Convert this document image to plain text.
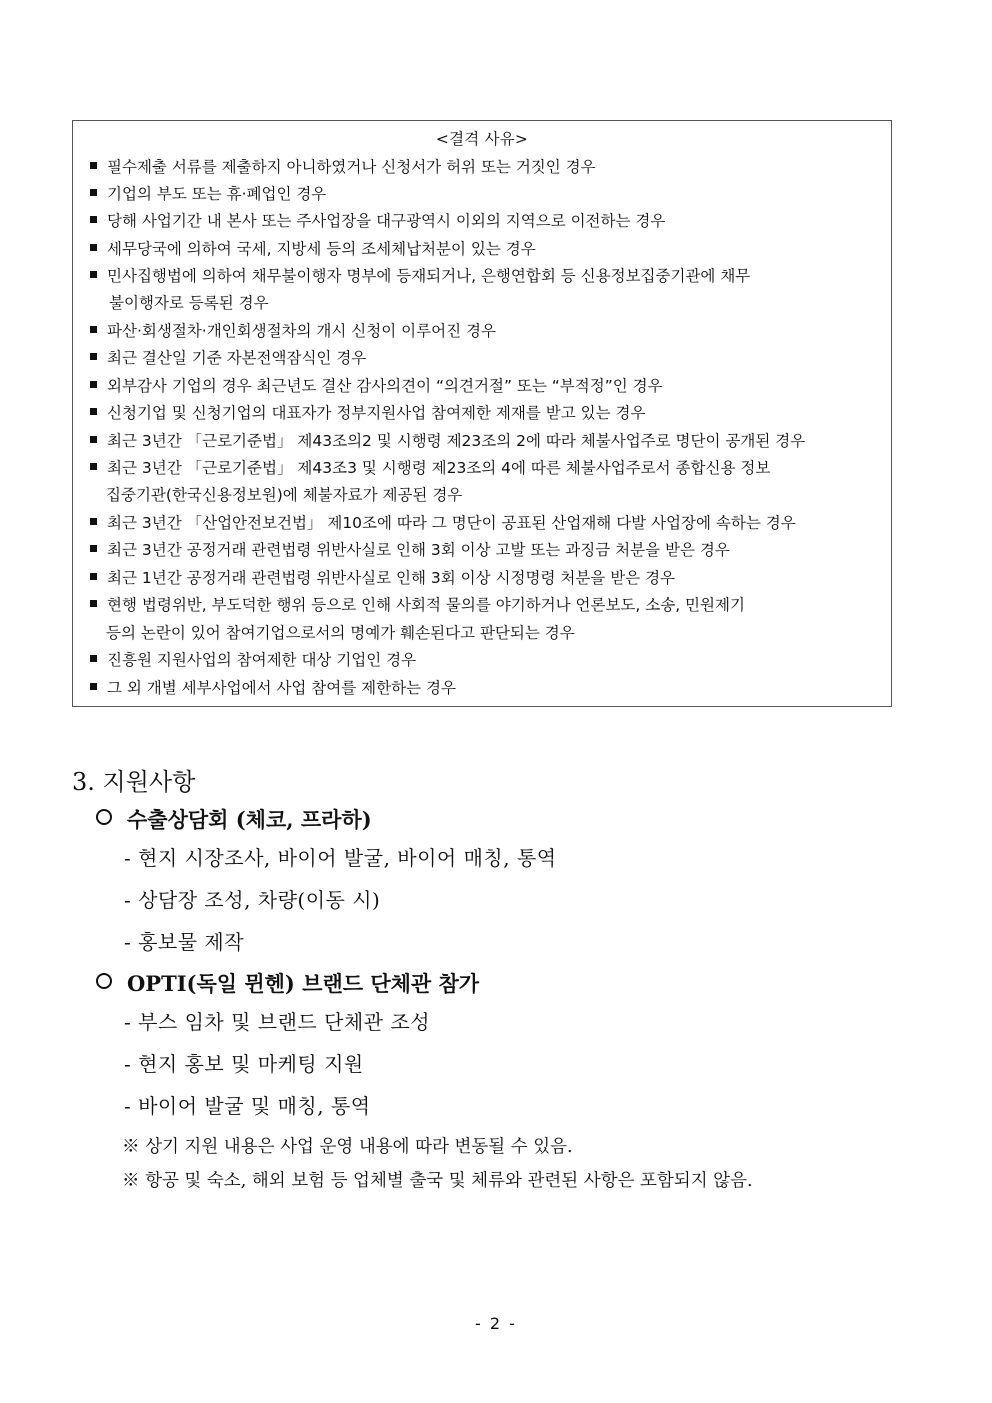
<결격 사유>
필수제출 서류를 제출하지 아니하였거나 신청서가 허위 또는 거짓인 경우
기업의 부도 또는 휴·폐업인 경우
당해 사업기간 내 본사 또는 주사업장을 대구광역시 이외의 지역으로 이전하는 경우
세무당국에 의하여 국세, 지방세 등의 조세체납처분이 있는 경우
민사집행법에 의하여 채무불이행자 명부에 등재되거나, 은행연합회 등 신용정보집중기관에 채무
불이행자로 등록된 경우
파산·회생절차·개인회생절차의 개시 신청이 이루어진 경우
최근 결산일 기준 자본전액잠식인 경우
외부감사 기업의 경우 최근년도 결산 감사의견이 “의견거절” 또는 “부적정”인 경우
신청기업 및 신청기업의 대표자가 정부지원사업 참여제한 제재를 받고 있는 경우
최근 3년간 「근로기준법」 제43조의2 및 시행령 제23조의 2에 따라 체불사업주로 명단이 공개된 경우
최근 3년간 「근로기준법」 제43조3 및 시행령 제23조의 4에 따른 체불사업주로서 종합신용 정보
집중기관(한국신용정보원)에 체불자료가 제공된 경우
최근 3년간 「산업안전보건법」 제10조에 따라 그 명단이 공표된 산업재해 다발 사업장에 속하는 경우
최근 3년간 공정거래 관련법령 위반사실로 인해 3회 이상 고발 또는 과징금 처분을 받은 경우
최근 1년간 공정거래 관련법령 위반사실로 인해 3회 이상 시정명령 처분을 받은 경우
현행 법령위반, 부도덕한 행위 등으로 인해 사회적 물의를 야기하거나 언론보도, 소송, 민원제기
등의 논란이 있어 참여기업으로서의 명예가 훼손된다고 판단되는 경우
진흥원 지원사업의 참여제한 대상 기업인 경우
그 외 개별 세부사업에서 사업 참여를 제한하는 경우
3. 지원사항
수출상담회 (체코, 프라하)
- 현지 시장조사, 바이어 발굴, 바이어 매칭, 통역
- 상담장 조성, 차량(이동 시)
- 홍보물 제작
OPTI(독일 뮌헨) 브랜드 단체관 참가
- 부스 임차 및 브랜드 단체관 조성
- 현지 홍보 및 마케팅 지원
- 바이어 발굴 및 매칭, 통역
※ 상기 지원 내용은 사업 운영 내용에 따라 변동될 수 있음.
※ 항공 및 숙소, 해외 보험 등 업체별 출국 및 체류와 관련된 사항은 포함되지 않음.
- 2 -
